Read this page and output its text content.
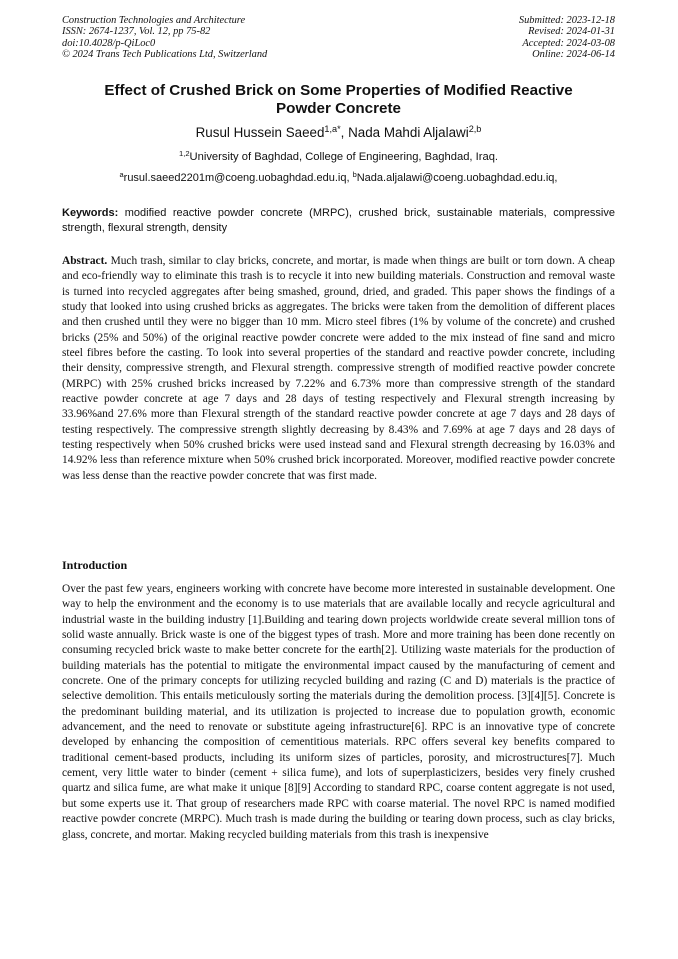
Construction Technologies and Architecture
ISSN: 2674-1237, Vol. 12, pp 75-82
doi:10.4028/p-QiLoc0
© 2024 Trans Tech Publications Ltd, Switzerland
Submitted: 2023-12-18
Revised: 2024-01-31
Accepted: 2024-03-08
Online: 2024-06-14
Effect of Crushed Brick on Some Properties of Modified Reactive
Powder Concrete
Rusul Hussein Saeed$^{1,a*}$, Nada Mahdi Aljalawi$^{2,b}$
$^{1,2}$University of Baghdad, College of Engineering, Baghdad, Iraq.
$^a$rusul.saeed2201m@coeng.uobaghdad.edu.iq, $^b$Nada.aljalawi@coeng.uobaghdad.edu.iq,
Keywords: modified reactive powder concrete (MRPC), crushed brick, sustainable materials, compressive strength, flexural strength, density
Abstract. Much trash, similar to clay bricks, concrete, and mortar, is made when things are built or torn down. A cheap and eco-friendly way to eliminate this trash is to recycle it into new building materials. Construction and removal waste is turned into recycled aggregates after being smashed, ground, dried, and graded. This paper shows the findings of a study that looked into using crushed bricks as aggregates. The bricks were taken from the demolition of different places and then crushed until they were no bigger than 10 mm. Micro steel fibres (1% by volume of the concrete) and crushed bricks (25% and 50%) of the original reactive powder concrete were added to the mix instead of fine sand and micro steel fibres before the casting. To look into several properties of the standard and reactive powder concrete, including their density, compressive strength, and Flexural strength. compressive strength of modified reactive powder concrete (MRPC) with 25% crushed bricks increased by 7.22% and 6.73% more than compressive strength of the standard reactive powder concrete at age 7 days and 28 days of testing respectively and Flexural strength increasing by 33.96%and 27.6% more than Flexural strength of the standard reactive powder concrete at age 7 days and 28 days of testing respectively. The compressive strength slightly decreasing by 8.43% and 7.69% at age 7 days and 28 days of testing respectively when 50% crushed bricks were used instead sand and Flexural strength decreasing by 16.03% and 14.92% less than reference mixture when 50% crushed brick incorporated. Moreover, modified reactive powder concrete was less dense than the reactive powder concrete that was first made.
Introduction
Over the past few years, engineers working with concrete have become more interested in sustainable development. One way to help the environment and the economy is to use materials that are available locally and recycle agricultural and industrial waste in the building industry [1].Building and tearing down projects worldwide create several million tons of solid waste annually. Brick waste is one of the biggest types of trash. More and more training has been done recently on consuming recycled brick waste to make better concrete for the earth[2]. Utilizing waste materials for the production of building materials has the potential to mitigate the environmental impact caused by the manufacturing of cement and concrete. One of the primary concepts for utilizing recycled building and razing (C and D) materials is the practice of selective demolition. This entails meticulously sorting the materials during the demolition process. [3][4][5]. Concrete is the predominant building material, and its utilization is projected to increase due to population growth, economic advancement, and the need to renovate or substitute ageing infrastructure[6]. RPC is an innovative type of concrete developed by enhancing the composition of cementitious materials. RPC offers several key benefits compared to traditional cement-based products, including its uniform sizes of particles, porosity, and microstructures[7]. Much cement, very little water to binder (cement + silica fume), and lots of superplasticizers, besides very finely crushed quartz and silica fume, are what make it unique [8][9] According to standard RPC, coarse content aggregate is not used, but some experts use it. That group of researchers made RPC with coarse material. The novel RPC is named modified reactive powder concrete (MRPC). Much trash is made during the building or tearing down process, such as clay bricks, glass, concrete, and mortar. Making recycled building materials from this trash is inexpensive
